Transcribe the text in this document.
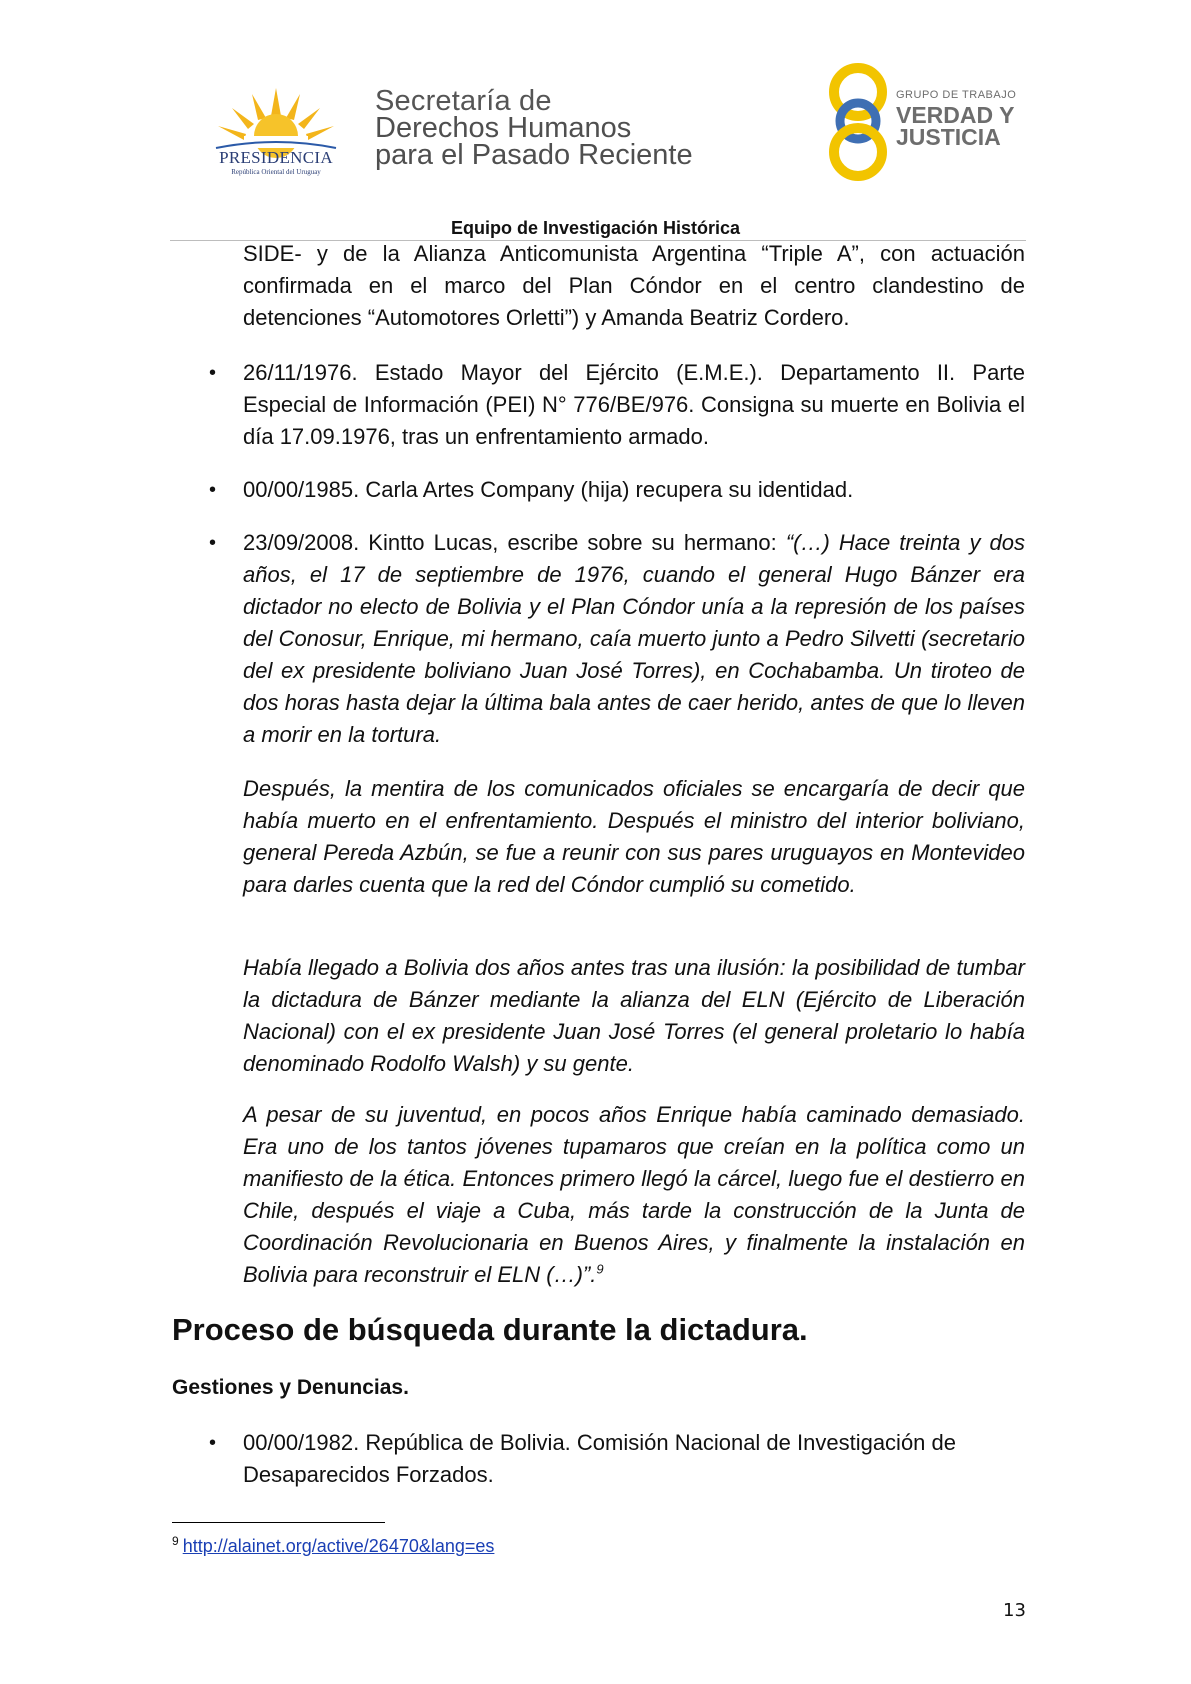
PRESIDENCIA
República Oriental del Uruguay
Secretaría de
Derechos Humanos
para el Pasado Reciente
GRUPO DE TRABAJO
VERDAD Y
JUSTICIA
Equipo de Investigación Histórica
SIDE- y de la Alianza Anticomunista Argentina “Triple A”, con actuación confirmada en el marco del Plan Cóndor en el centro clandestino de detenciones “Automotores Orletti”) y Amanda Beatriz Cordero.
• 26/11/1976. Estado Mayor del Ejército (E.M.E.). Departamento II. Parte Especial de Información (PEI) N° 776/BE/976. Consigna su muerte en Bolivia el día 17.09.1976, tras un enfrentamiento armado.
• 00/00/1985. Carla Artes Company (hija) recupera su identidad.
• 23/09/2008. Kintto Lucas, escribe sobre su hermano: “(…) Hace treinta y dos años, el 17 de septiembre de 1976, cuando el general Hugo Bánzer era dictador no electo de Bolivia y el Plan Cóndor unía a la represión de los países del Conosur, Enrique, mi hermano, caía muerto junto a Pedro Silvetti (secretario del ex presidente boliviano Juan José Torres), en Cochabamba. Un tiroteo de dos horas hasta dejar la última bala antes de caer herido, antes de que lo lleven a morir en la tortura.
Después, la mentira de los comunicados oficiales se encargaría de decir que había muerto en el enfrentamiento. Después el ministro del interior boliviano, general Pereda Azbún, se fue a reunir con sus pares uruguayos en Montevideo para darles cuenta que la red del Cóndor cumplió su cometido.
Había llegado a Bolivia dos años antes tras una ilusión: la posibilidad de tumbar la dictadura de Bánzer mediante la alianza del ELN (Ejército de Liberación Nacional) con el ex presidente Juan José Torres (el general proletario lo había denominado Rodolfo Walsh) y su gente.
A pesar de su juventud, en pocos años Enrique había caminado demasiado. Era uno de los tantos jóvenes tupamaros que creían en la política como un manifiesto de la ética. Entonces primero llegó la cárcel, luego fue el destierro en Chile, después el viaje a Cuba, más tarde la construcción de la Junta de Coordinación Revolucionaria en Buenos Aires, y finalmente la instalación en Bolivia para reconstruir el ELN (…)”.$^9$
Proceso de búsqueda durante la dictadura.
Gestiones y Denuncias.
• 00/00/1982. República de Bolivia. Comisión Nacional de Investigación de Desaparecidos Forzados.
$^9$ http://alainet.org/active/26470&lang=es
13
